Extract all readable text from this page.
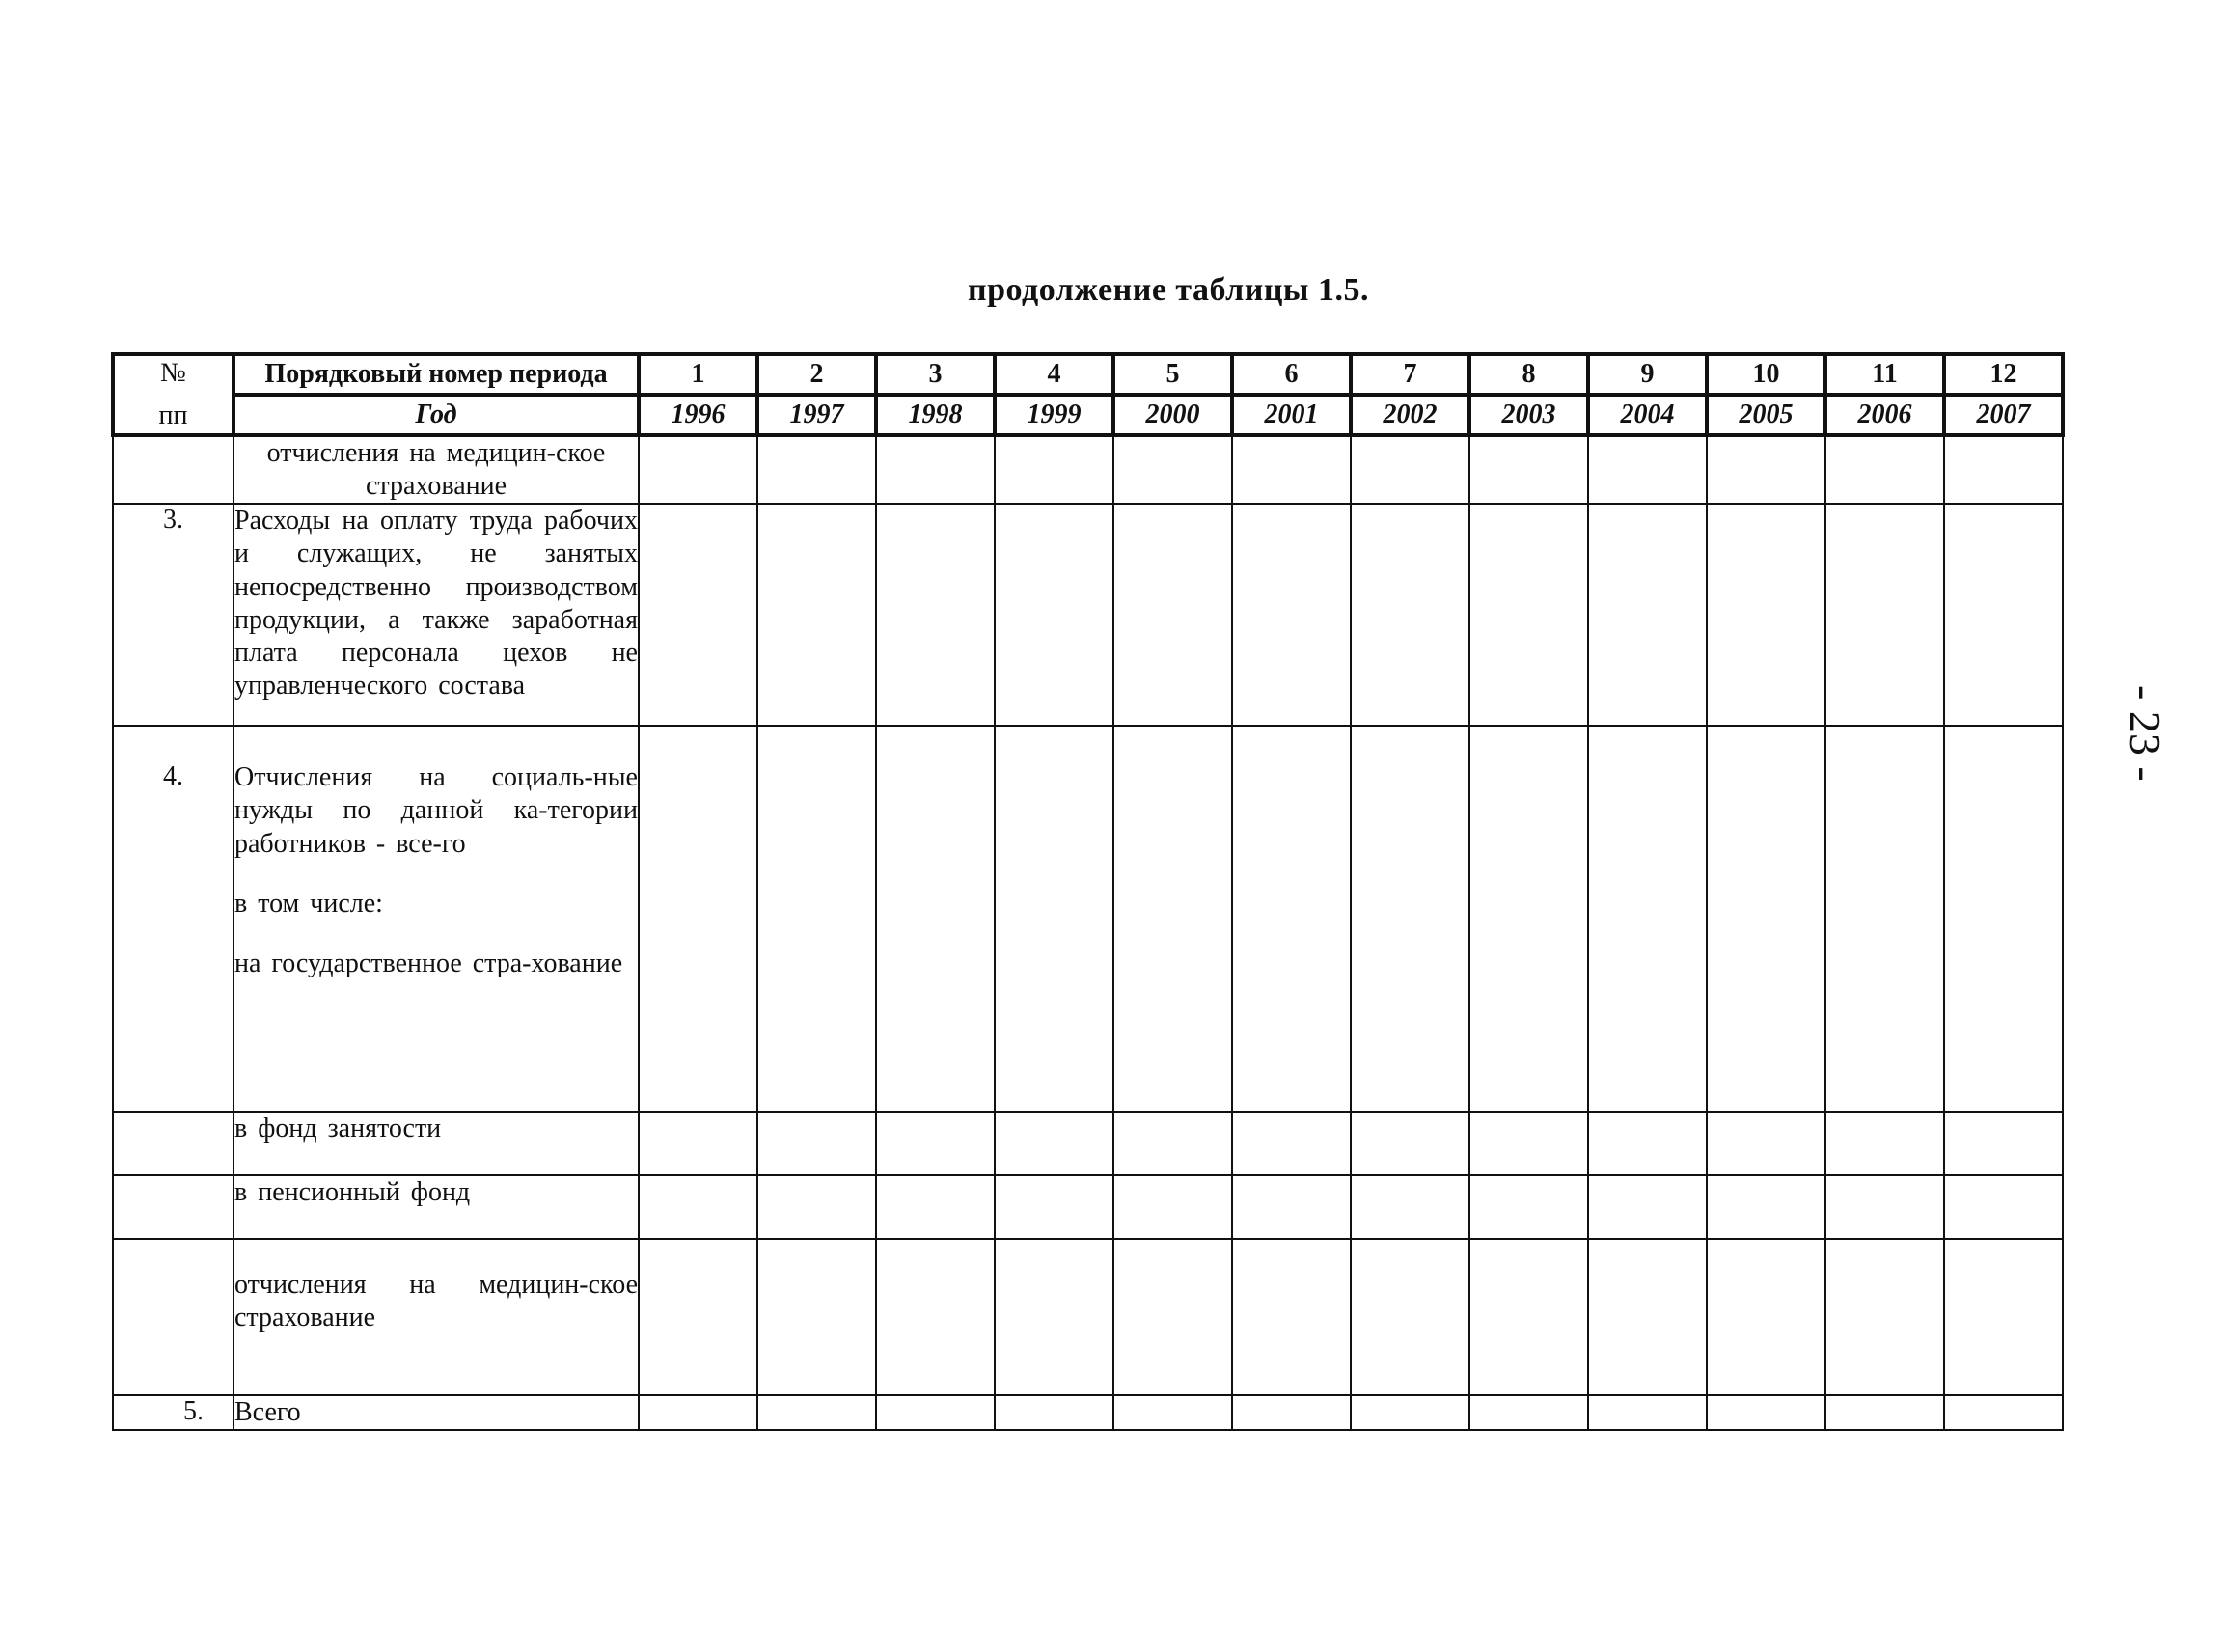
продолжение таблицы 1.5.
- 23 -
№
пп	Порядковый номер периода	1	2	3	4	5	6	7	8	9	10	11	12
	Год	1996	1997	1998	1999	2000	2001	2002	2003	2004	2005	2006	2007
	отчисления на медицин-ское страхование												
3.	Расходы на оплату труда рабочих и служащих, не занятых непосредственно производством продукции, а также заработная плата персонала цехов не управленческого состава												
4.	Отчисления на социаль-ные нужды по данной ка-тегории работников - все-го
в том числе:
на государственное стра-хование												

	в фонд занятости												
	в пенсионный фонд												
	отчисления на медицин-ское страхование												
5.	Всего												
